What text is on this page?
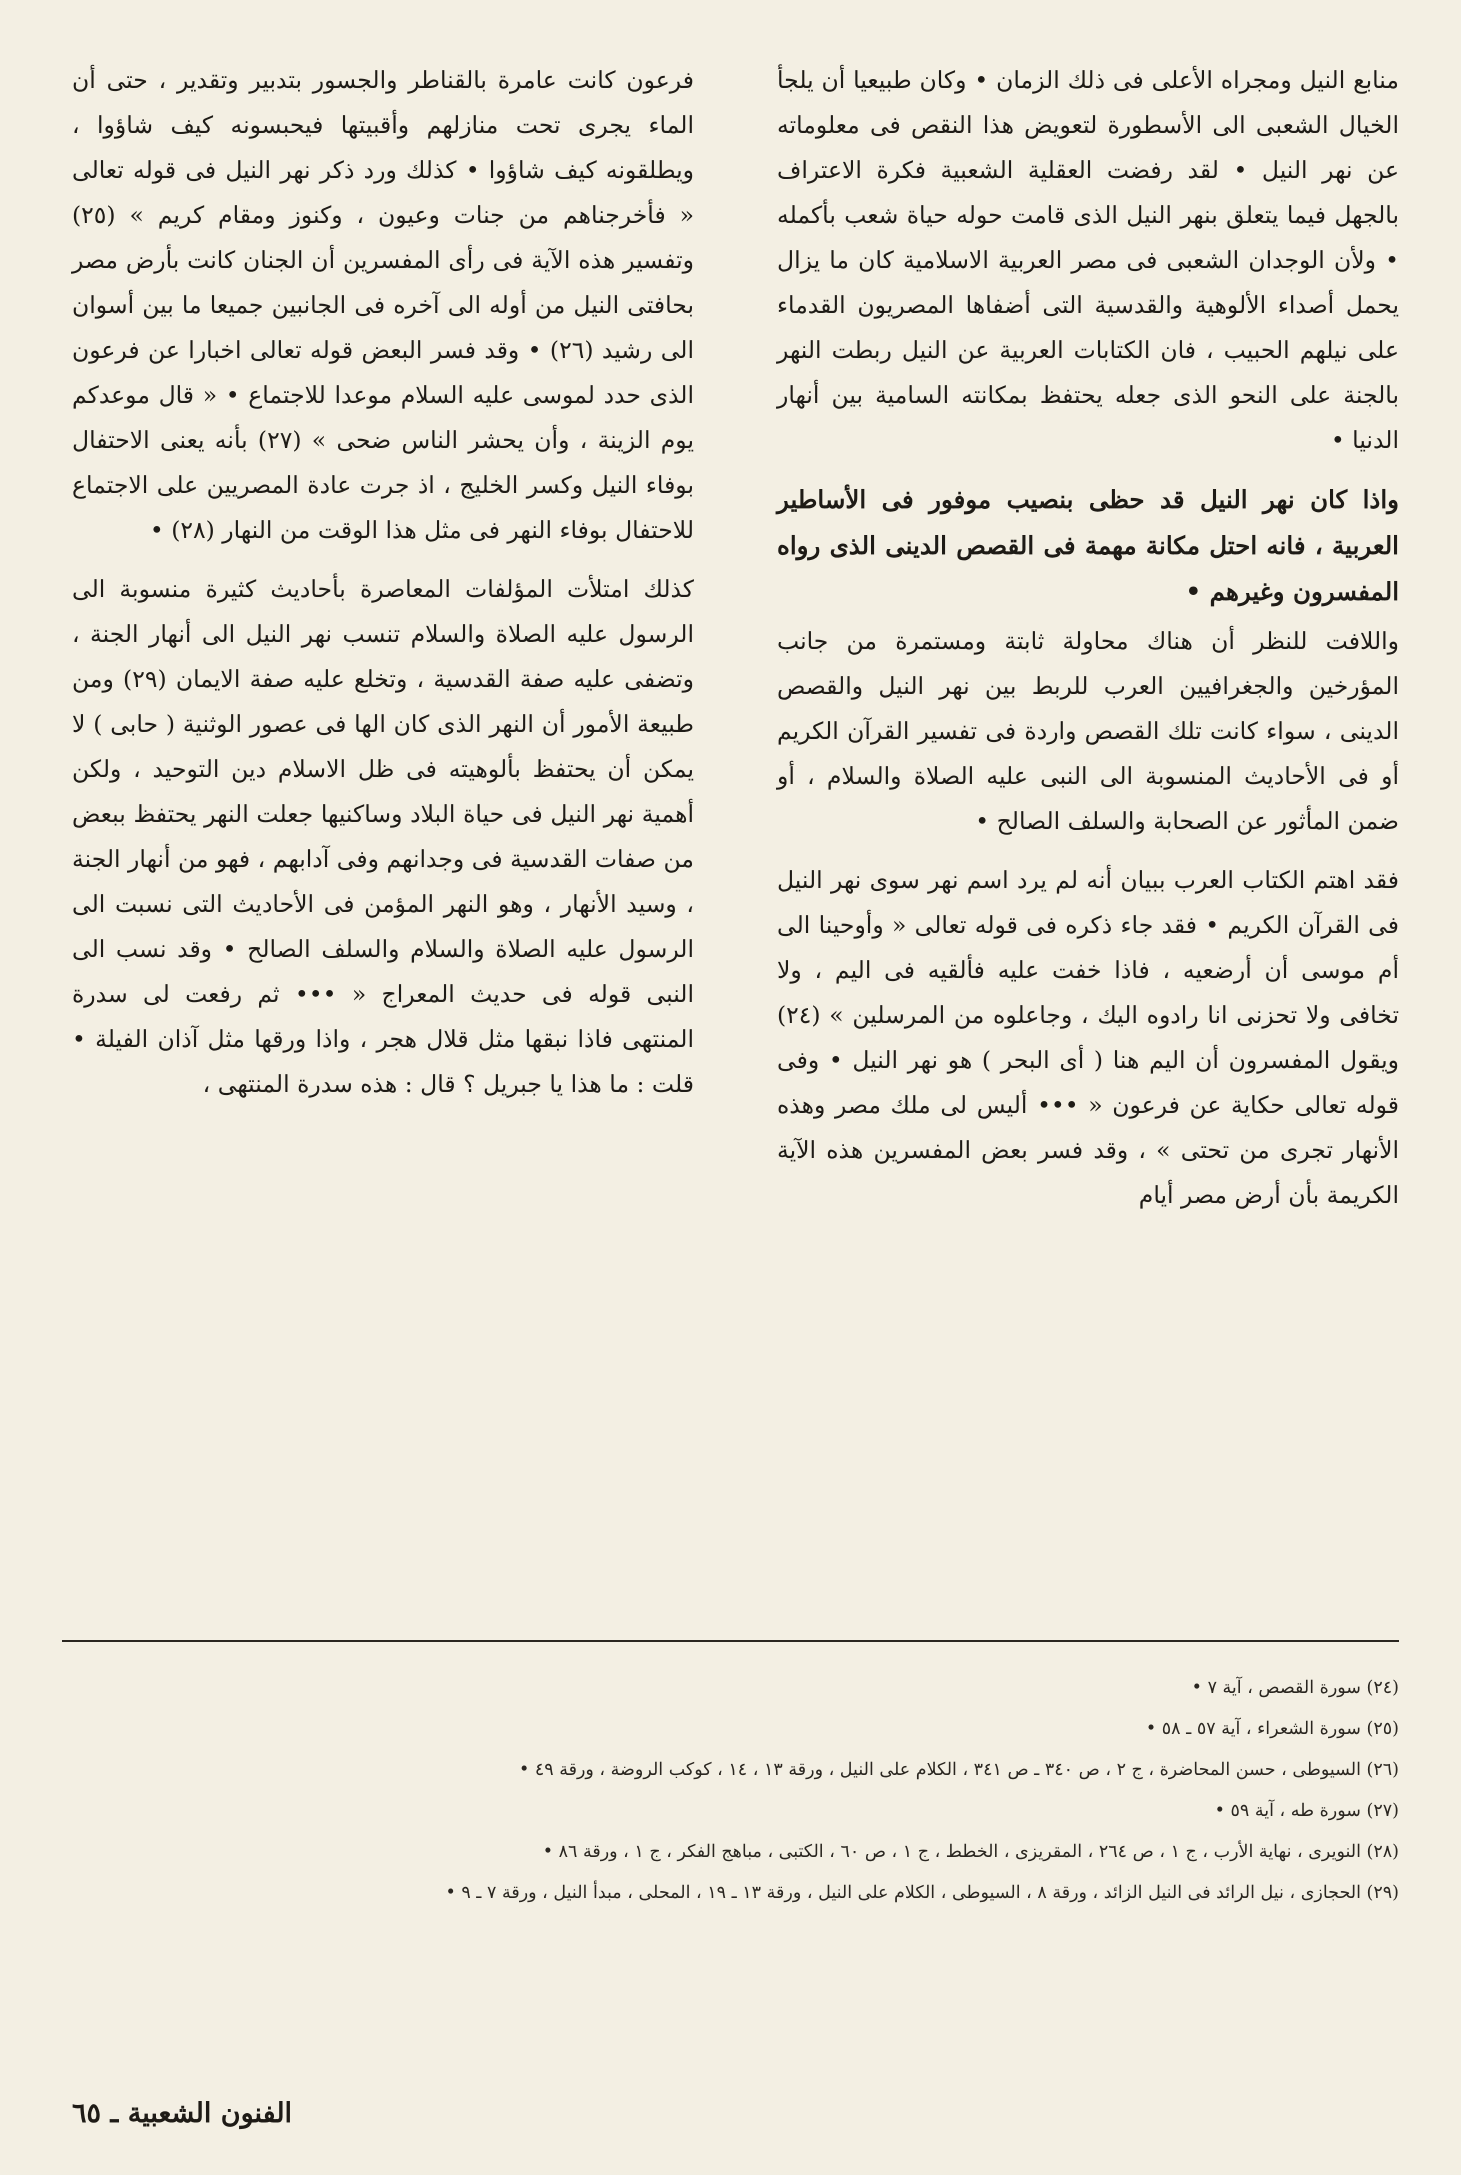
منابع النيل ومجراه الأعلى فى ذلك الزمان • وكان طبيعيا أن يلجأ الخيال الشعبى الى الأسطورة لتعويض هذا النقص فى معلوماته عن نهر النيل • لقد رفضت العقلية الشعبية فكرة الاعتراف بالجهل فيما يتعلق بنهر النيل الذى قامت حوله حياة شعب بأكمله • ولأن الوجدان الشعبى فى مصر العربية الاسلامية كان ما يزال يحمل أصداء الألوهية والقدسية التى أضفاها المصريون القدماء على نيلهم الحبيب ، فان الكتابات العربية عن النيل ربطت النهر بالجنة على النحو الذى جعله يحتفظ بمكانته السامية بين أنهار الدنيا •

واذا كان نهر النيل قد حظى بنصيب موفور فى الأساطير العربية ، فانه احتل مكانة مهمة فى القصص الدينى الذى رواه المفسرون وغيرهم •

واللافت للنظر أن هناك محاولة ثابتة ومستمرة من جانب المؤرخين والجغرافيين العرب للربط بين نهر النيل والقصص الدينى ، سواء كانت تلك القصص واردة فى تفسير القرآن الكريم أو فى الأحاديث المنسوبة الى النبى عليه الصلاة والسلام ، أو ضمن المأثور عن الصحابة والسلف الصالح •

فقد اهتم الكتاب العرب ببيان أنه لم يرد اسم نهر سوى نهر النيل فى القرآن الكريم • فقد جاء ذكره فى قوله تعالى « وأوحينا الى أم موسى أن أرضعيه ، فاذا خفت عليه فألقيه فى اليم ، ولا تخافى ولا تحزنى انا رادوه اليك ، وجاعلوه من المرسلين » (٢٤) ويقول المفسرون أن اليم هنا ( أى البحر ) هو نهر النيل • وفى قوله تعالى حكاية عن فرعون « ••• أليس لى ملك مصر وهذه الأنهار تجرى من تحتى » ، وقد فسر بعض المفسرين هذه الآية الكريمة بأن أرض مصر أيام

فرعون كانت عامرة بالقناطر والجسور بتدبير وتقدير ، حتى أن الماء يجرى تحت منازلهم وأقبيتها فيحبسونه كيف شاؤوا ، ويطلقونه كيف شاؤوا • كذلك ورد ذكر نهر النيل فى قوله تعالى « فأخرجناهم من جنات وعيون ، وكنوز ومقام كريم » (٢٥) وتفسير هذه الآية فى رأى المفسرين أن الجنان كانت بأرض مصر بحافتى النيل من أوله الى آخره فى الجانبين جميعا ما بين أسوان الى رشيد (٢٦) • وقد فسر البعض قوله تعالى اخبارا عن فرعون الذى حدد لموسى عليه السلام موعدا للاجتماع • « قال موعدكم يوم الزينة ، وأن يحشر الناس ضحى » (٢٧) بأنه يعنى الاحتفال بوفاء النيل وكسر الخليج ، اذ جرت عادة المصريين على الاجتماع للاحتفال بوفاء النهر فى مثل هذا الوقت من النهار (٢٨) •

كذلك امتلأت المؤلفات المعاصرة بأحاديث كثيرة منسوبة الى الرسول عليه الصلاة والسلام تنسب نهر النيل الى أنهار الجنة ، وتضفى عليه صفة القدسية ، وتخلع عليه صفة الايمان (٢٩) ومن طبيعة الأمور أن النهر الذى كان الها فى عصور الوثنية ( حابى ) لا يمكن أن يحتفظ بألوهيته فى ظل الاسلام دين التوحيد ، ولكن أهمية نهر النيل فى حياة البلاد وساكنيها جعلت النهر يحتفظ ببعض من صفات القدسية فى وجدانهم وفى آدابهم ، فهو من أنهار الجنة ، وسيد الأنهار ، وهو النهر المؤمن فى الأحاديث التى نسبت الى الرسول عليه الصلاة والسلام والسلف الصالح • وقد نسب الى النبى قوله فى حديث المعراج « ••• ثم رفعت لى سدرة المنتهى فاذا نبقها مثل قلال هجر ، واذا ورقها مثل آذان الفيلة • قلت : ما هذا يا جبريل ؟ قال : هذه سدرة المنتهى ،

(٢٤) سورة القصص ، آية ٧ •

(٢٥) سورة الشعراء ، آية ٥٧ ـ ٥٨ •

(٢٦) السيوطى ، حسن المحاضرة ، ج ٢ ، ص ٣٤٠ ـ ص ٣٤١ ، الكلام على النيل ، ورقة ١٣ ، ١٤ ، كوكب الروضة ، ورقة ٤٩ •

(٢٧) سورة طه ، آية ٥٩ •

(٢٨) النويرى ، نهاية الأرب ، ج ١ ، ص ٢٦٤ ، المقريزى ، الخطط ، ج ١ ، ص ٦٠ ، الكتبى ، مباهج الفكر ، ج ١ ، ورقة ٨٦ •

(٢٩) الحجازى ، نيل الرائد فى النيل الزائد ، ورقة ٨ ، السيوطى ، الكلام على النيل ، ورقة ١٣ ـ ١٩ ، المحلى ، مبدأ النيل ، ورقة ٧ ـ ٩ •

الفنون الشعبية ـ ٦٥
